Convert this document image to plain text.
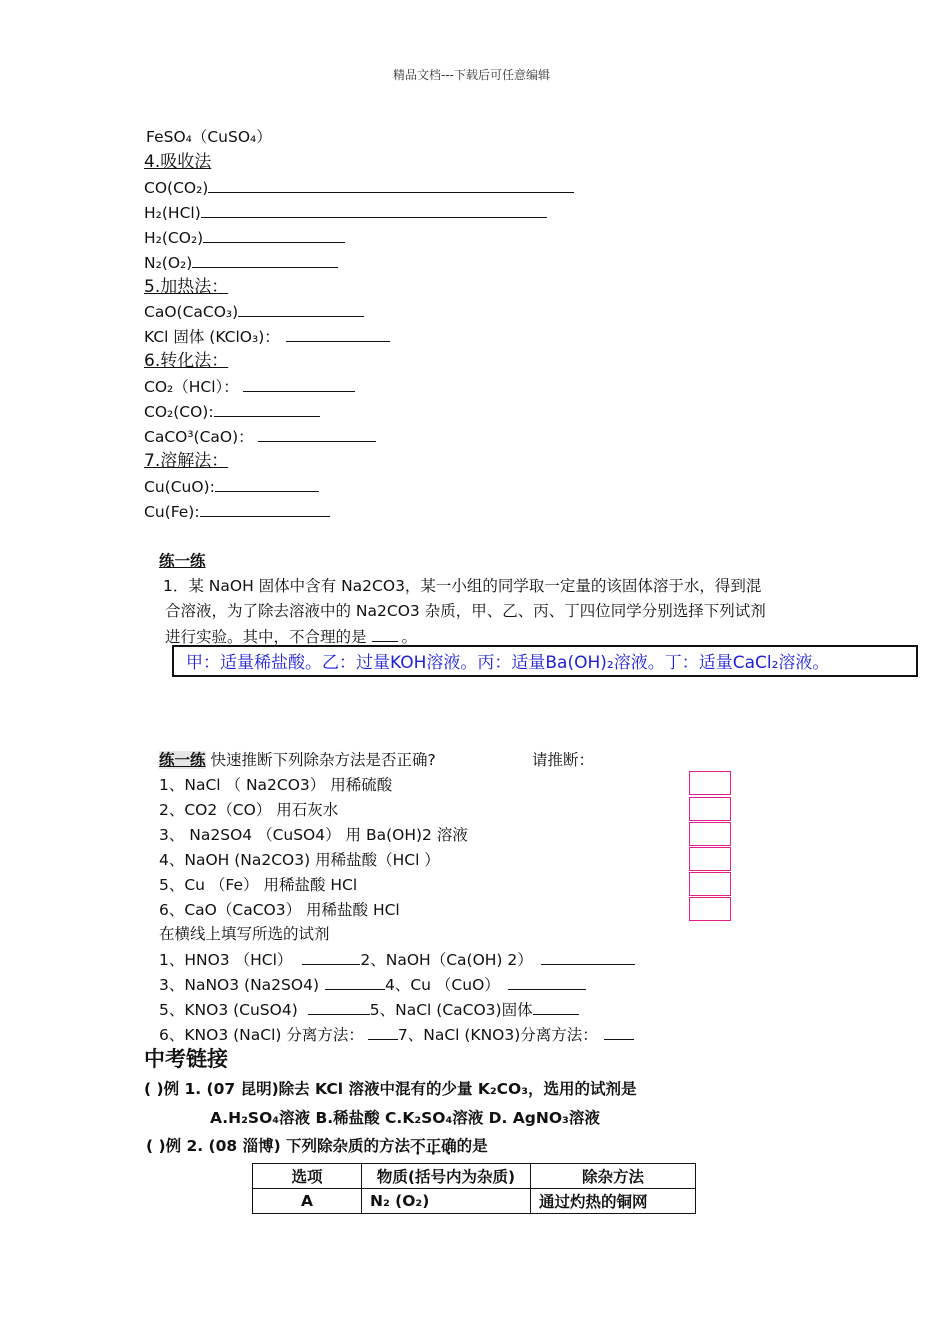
精品文档---下载后可任意编辑
FeSO₄（CuSO₄）
4.吸收法
CO(CO₂)
H₂(HCl)
H₂(CO₂)
N₂(O₂)
5.加热法：
CaO(CaCO₃)
KCl 固体 (KClO₃)：
6.转化法：
CO₂（HCl）：
CO₂(CO):
CaCO³(CaO)：
7.溶解法：
Cu(CuO):
Cu(Fe):
练一练
1．某 NaOH 固体中含有 Na2CO3，某一小组的同学取一定量的该固体溶于水，得到混
合溶液，为了除去溶液中的 Na2CO3 杂质，甲、乙、丙、丁四位同学分别选择下列试剂
进行实验。其中，不合理的是 。
甲：适量稀盐酸。乙：过量KOH溶液。丙：适量Ba(OH)₂溶液。丁：适量CaCl₂溶液。
练一练 快速推断下列除杂方法是否正确?	请推断：
1、NaCl （ Na2CO3） 用稀硫酸
2、CO2（CO） 用石灰水
3、 Na2SO4 （CuSO4） 用 Ba(OH)2 溶液
4、NaOH (Na2CO3) 用稀盐酸（HCl ）
5、Cu （Fe） 用稀盐酸 HCl
6、CaO（CaCO3） 用稀盐酸 HCl
在横线上填写所选的试剂
1、HNO3 （HCl）	2、NaOH（Ca(OH) 2）
3、NaNO3 (Na2SO4)	4、Cu （CuO）
5、KNO3 (CuSO4)	5、NaCl (CaCO3)固体
6、KNO3 (NaCl) 分离方法： 7、NaCl (KNO3)分离方法：
中考链接
( )例 1. (07 昆明)除去 KCl 溶液中混有的少量 K₂CO₃，选用的试剂是
A.H₂SO₄溶液 B.稀盐酸 C.K₂SO₄溶液 D. AgNO₃溶液
( )例 2. (08 淄博) 下列除杂质的方法不正确的是
选项	物质(括号内为杂质)	除杂方法
A	N₂ (O₂)	通过灼热的铜网
